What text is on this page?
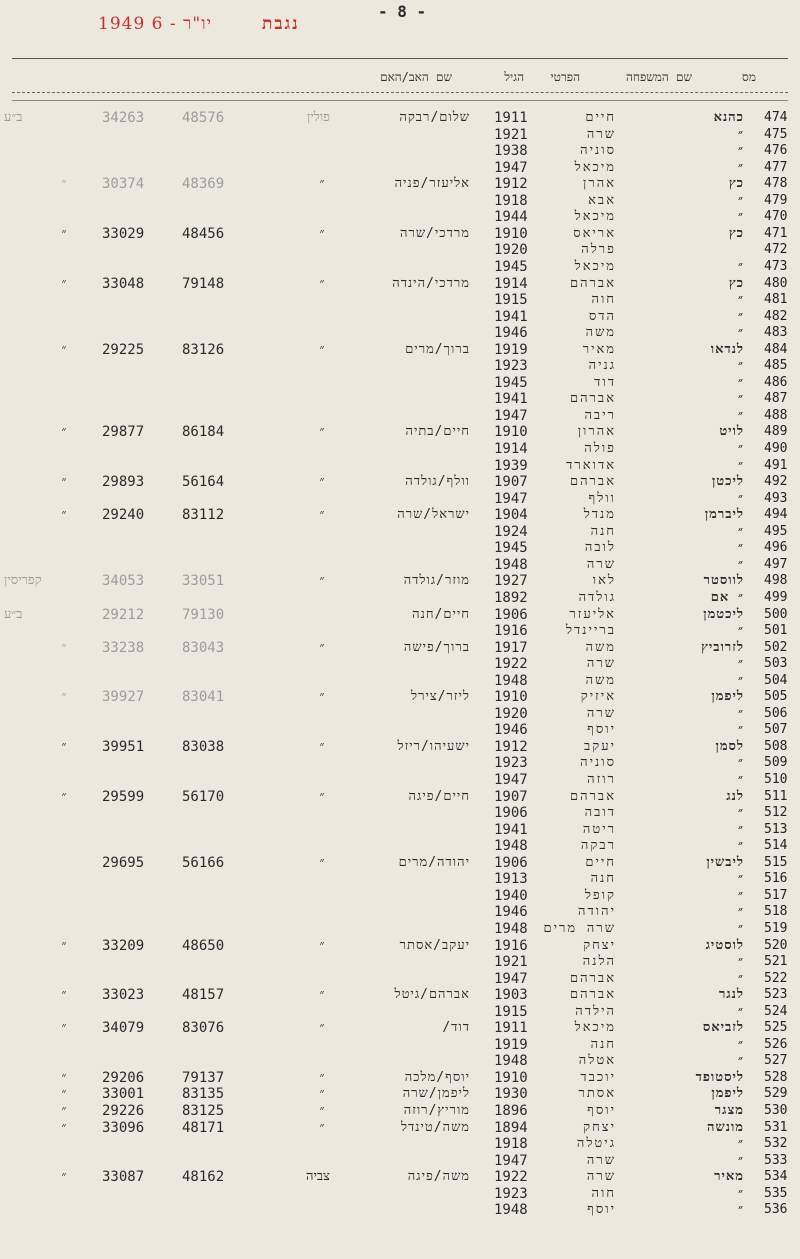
- 8 -
1949 יו"ר - 6	נגבת
מס
שם המשפחה
הפרטי
הגיל
שם האב/האם
474
כהנא
חיים
1911
שלום/רבקה
פולין
48576
34263
ב״ע
475
״
שרה
1921
476
״
סוניה
1938
477
״
מיכאל
1947
478
כץ
אהרן
1912
אליעזר/פניה
״
48369
30374
״
479
״
אבא
1918
470
״
מיכאל
1944
471
כץ
אריאס
1910
מרדכי/שרה
״
48456
33029
״
472
פרלה
1920
473
״
מיכאל
1945
480
כץ
אברהם
1914
מרדכי/הינדה
״
79148
33048
״
481
״
חוה
1915
482
״
הדס
1941
483
״
משה
1946
484
לנדאו
מאיר
1919
ברוך/מרים
״
83126
29225
״
485
״
גניה
1923
486
״
דוד
1945
487
״
אברהם
1941
488
״
ריבה
1947
489
לויט
אהרון
1910
חיים/בתיה
״
86184
29877
״
490
״
פולה
1914
491
״
אדוארד
1939
492
ליכטן
אברהם
1907
וולף/גולדה
״
56164
29893
״
493
״
וולף
1947
494
ליברמן
מנדל
1904
ישראל/שרה
״
83112
29240
״
495
״
חנה
1924
496
״
לובה
1945
497
״
שרה
1948
498
לווסטר
לאו
1927
מוזר/גולדה
״
33051
34053
קפריסין
499
״ אם
גולדה
1892
500
ליכטמן
אליעזר
1906
חיים/חנה
79130
29212
ב״ע
501
״
בריינדל
1916
502
לזרוביץ
משה
1917
ברוך/פישה
״
83043
33238
״
503
״
שרה
1922
504
״
משה
1948
505
ליפמן
איזיק
1910
ליזר/צירל
״
83041
39927
״
506
״
שרה
1920
507
״
יוסף
1946
508
לסמן
יעקב
1912
ישעיהו/ריזל
״
83038
39951
״
509
״
סוניה
1923
510
״
רוזה
1947
511
לנג
אברהם
1907
חיים/פיגה
״
56170
29599
״
512
״
דובה
1906
513
״
ריטה
1941
514
״
רבקה
1948
515
ליבשין
חיים
1906
יהודה/מרים
״
56166
29695
516
״
חנה
1913
517
״
קופל
1940
518
״
יהודה
1946
519
״
שרה מרים
1948
520
לוסטיג
יצחק
1916
יעקב/אסתר
״
48650
33209
״
521
״
הלנה
1921
522
״
אברהם
1947
523
לנגר
אברהם
1903
אברהם/גיטל
״
48157
33023
״
524
״
הילדה
1915
525
לזביאס
מיכאל
1911
דוד/
״
83076
34079
״
526
״
חנה
1919
527
״
אטלה
1948
528
ליסטופד
יוכבד
1910
יוסף/מלכה
״
79137
29206
״
529
ליפמן
אסתר
1930
ליפמן/שרה
״
83135
33001
״
530
מצגר
יוסף
1896
מוריץ/רוזה
״
83125
29226
״
531
מונשה
יצחק
1894
משה/טינדל
״
48171
33096
״
532
״
גיטלה
1918
533
״
שרה
1947
534
מאיר
שרה
1922
משה/פיגה
צביה
48162
33087
״
535
״
חוה
1923
536
״
יוסף
1948
